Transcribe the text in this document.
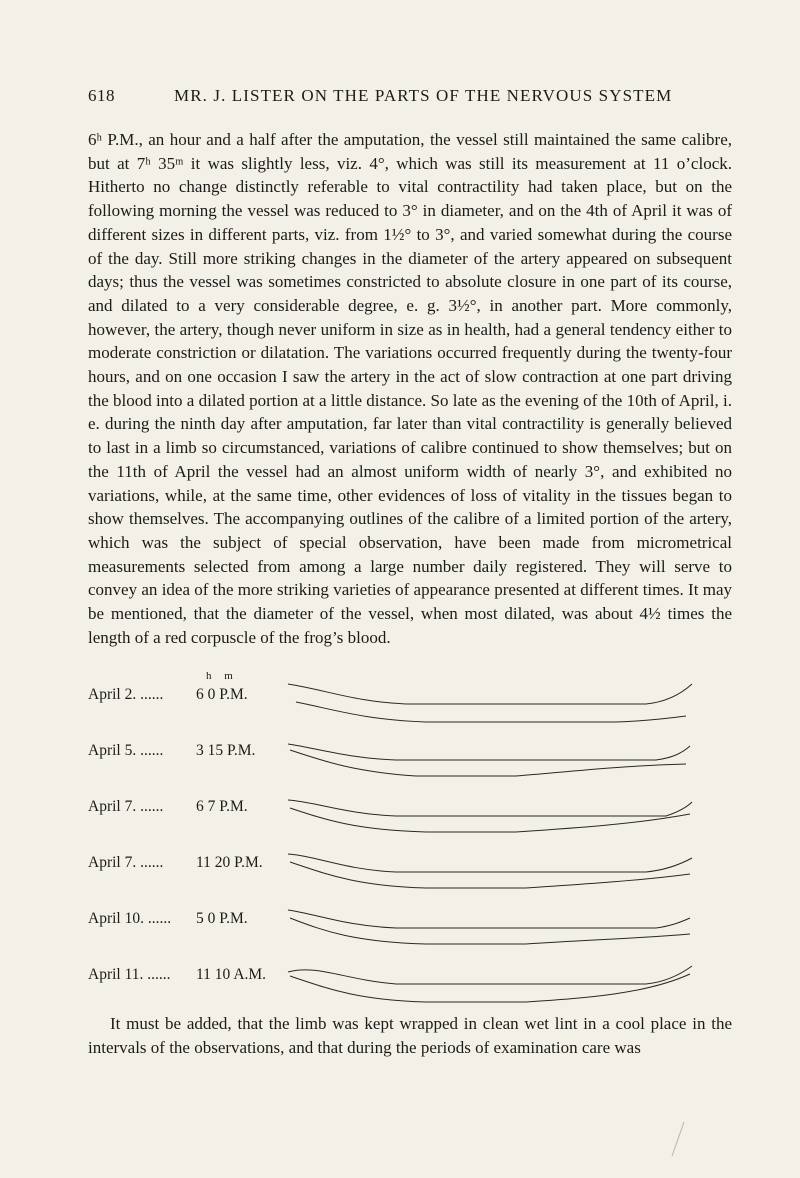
618	MR. J. LISTER ON THE PARTS OF THE NERVOUS SYSTEM

6ʰ P.M., an hour and a half after the amputation, the vessel still maintained the same calibre, but at 7ʰ 35ᵐ it was slightly less, viz. 4°, which was still its measurement at 11 o’clock. Hitherto no change distinctly referable to vital contractility had taken place, but on the following morning the vessel was reduced to 3° in diameter, and on the 4th of April it was of different sizes in different parts, viz. from 1½° to 3°, and varied somewhat during the course of the day. Still more striking changes in the diameter of the artery appeared on subsequent days; thus the vessel was sometimes constricted to absolute closure in one part of its course, and dilated to a very considerable degree, e. g. 3½°, in another part. More commonly, however, the artery, though never uniform in size as in health, had a general tendency either to moderate constriction or dilatation. The variations occurred frequently during the twenty-four hours, and on one occasion I saw the artery in the act of slow contraction at one part driving the blood into a dilated portion at a little distance. So late as the evening of the 10th of April, i. e. during the ninth day after amputation, far later than vital contractility is generally believed to last in a limb so circumstanced, variations of calibre continued to show themselves; but on the 11th of April the vessel had an almost uniform width of nearly 3°, and exhibited no variations, while, at the same time, other evidences of loss of vitality in the tissues began to show themselves. The accompanying outlines of the calibre of a limited portion of the artery, which was the subject of special observation, have been made from micrometrical measurements selected from among a large number daily registered. They will serve to convey an idea of the more striking varieties of appearance presented at different times. It may be mentioned, that the diameter of the vessel, when most dilated, was about 4½ times the length of a red corpuscle of the frog’s blood.

h m
April 2. ...... 6 0 P.M.
April 5. ...... 3 15 P.M.
April 7. ...... 6 7 P.M.
April 7. ...... 11 20 P.M.
April 10. ...... 5 0 P.M.
April 11. ...... 11 10 A.M.

It must be added, that the limb was kept wrapped in clean wet lint in a cool place in the intervals of the observations, and that during the periods of examination care was
